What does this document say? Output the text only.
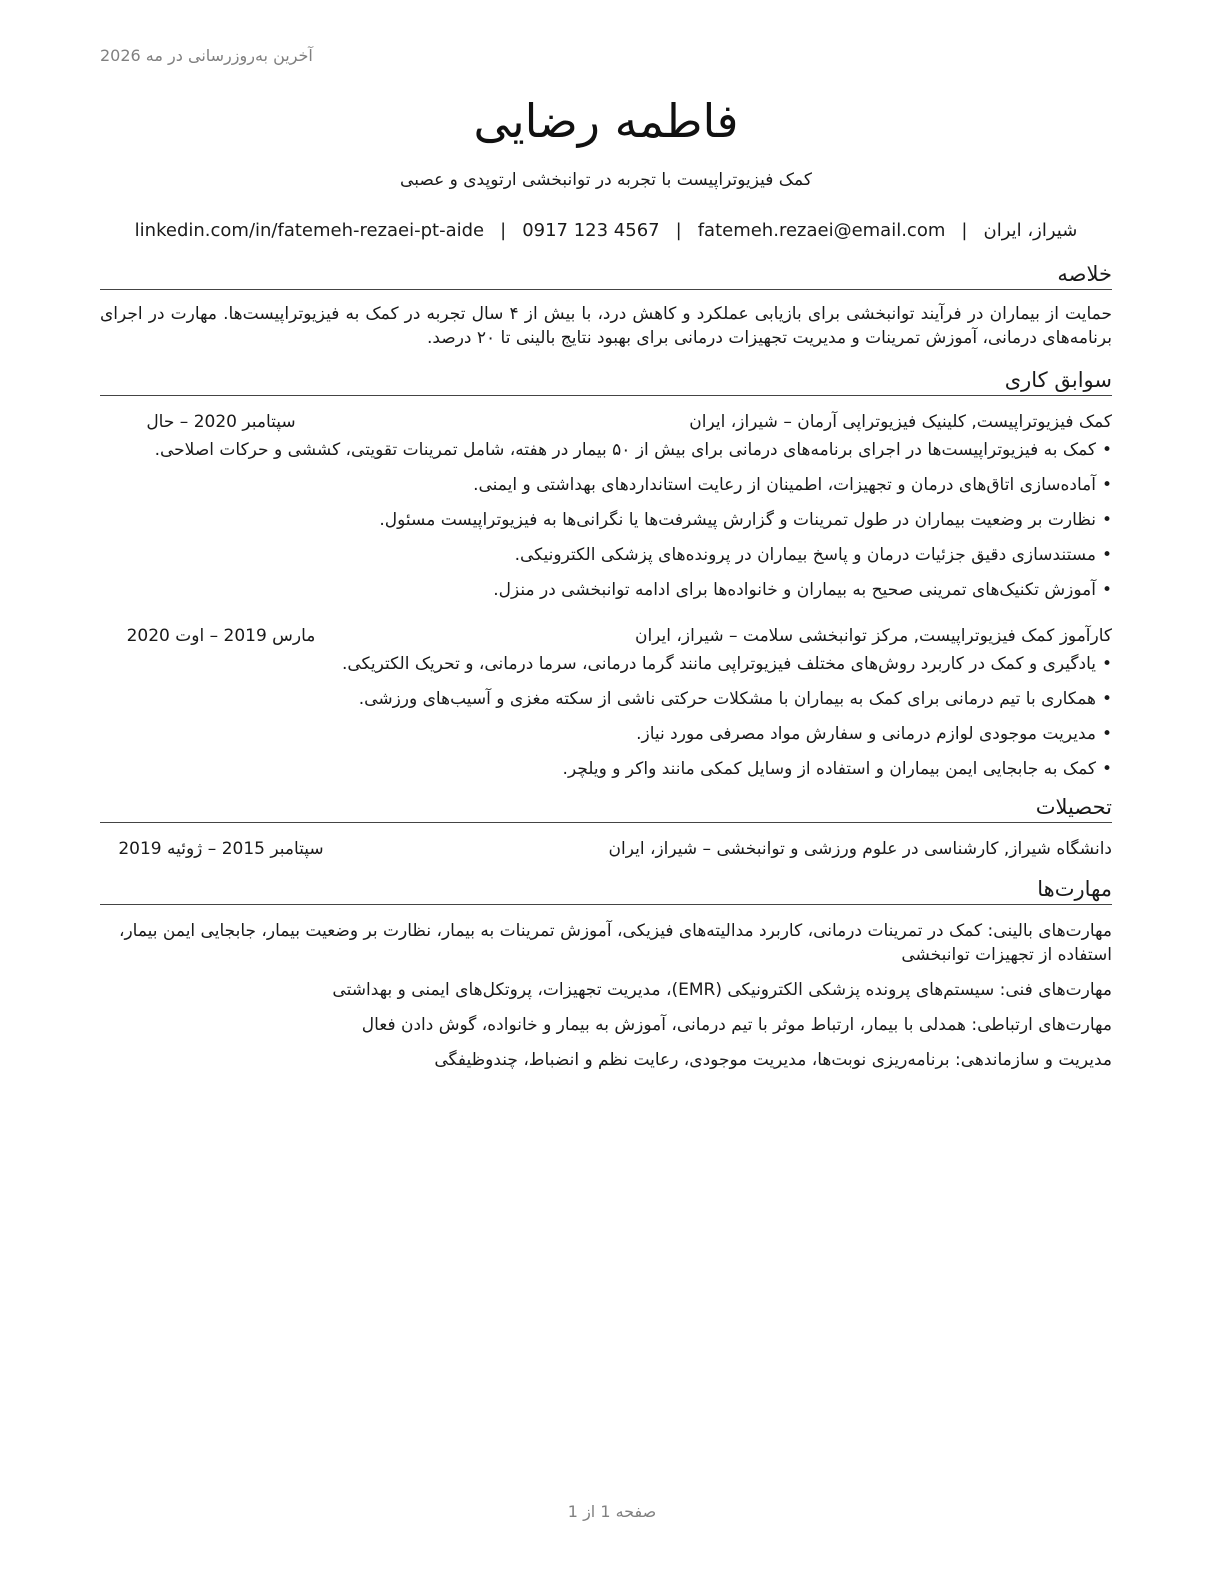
آخرین به‌روزرسانی در مه 2026
فاطمه رضایی
کمک فیزیوتراپیست با تجربه در توانبخشی ارتوپدی و عصبی
شیراز، ایران|fatemeh.rezaei@email.com|0917 123 4567|linkedin.com/in/fatemeh-rezaei-pt-aide
خلاصه
حمایت از بیماران در فرآیند توانبخشی برای بازیابی عملکرد و کاهش درد، با بیش از ۴ سال تجربه در کمک به فیزیوتراپیست‌ها. مهارت در اجرای برنامه‌های درمانی، آموزش تمرینات و مدیریت تجهیزات درمانی برای بهبود نتایج بالینی تا ۲۰ درصد.
سوابق کاری
کمک فیزیوتراپیست, کلینیک فیزیوتراپی آرمان – شیراز، ایران
سپتامبر 2020 – حال
• کمک به فیزیوتراپیست‌ها در اجرای برنامه‌های درمانی برای بیش از ۵۰ بیمار در هفته، شامل تمرینات تقویتی، کششی و حرکات اصلاحی.
• آماده‌سازی اتاق‌های درمان و تجهیزات، اطمینان از رعایت استانداردهای بهداشتی و ایمنی.
• نظارت بر وضعیت بیماران در طول تمرینات و گزارش پیشرفت‌ها یا نگرانی‌ها به فیزیوتراپیست مسئول.
• مستندسازی دقیق جزئیات درمان و پاسخ بیماران در پرونده‌های پزشکی الکترونیکی.
• آموزش تکنیک‌های تمرینی صحیح به بیماران و خانواده‌ها برای ادامه توانبخشی در منزل.
کارآموز کمک فیزیوتراپیست, مرکز توانبخشی سلامت – شیراز، ایران
مارس 2019 – اوت 2020
• یادگیری و کمک در کاربرد روش‌های مختلف فیزیوتراپی مانند گرما درمانی، سرما درمانی، و تحریک الکتریکی.
• همکاری با تیم درمانی برای کمک به بیماران با مشکلات حرکتی ناشی از سکته مغزی و آسیب‌های ورزشی.
• مدیریت موجودی لوازم درمانی و سفارش مواد مصرفی مورد نیاز.
• کمک به جابجایی ایمن بیماران و استفاده از وسایل کمکی مانند واکر و ویلچر.
تحصیلات
دانشگاه شیراز, کارشناسی در علوم ورزشی و توانبخشی – شیراز، ایران
سپتامبر 2015 – ژوئیه 2019
مهارت‌ها
مهارت‌های بالینی: کمک در تمرینات درمانی، کاربرد مدالیته‌های فیزیکی، آموزش تمرینات به بیمار، نظارت بر وضعیت بیمار، جابجایی ایمن بیمار، استفاده از تجهیزات توانبخشی
مهارت‌های فنی: سیستم‌های پرونده پزشکی الکترونیکی (EMR)، مدیریت تجهیزات، پروتکل‌های ایمنی و بهداشتی
مهارت‌های ارتباطی: همدلی با بیمار، ارتباط موثر با تیم درمانی، آموزش به بیمار و خانواده، گوش دادن فعال
مدیریت و سازماندهی: برنامه‌ریزی نوبت‌ها، مدیریت موجودی، رعایت نظم و انضباط، چندوظیفگی
صفحه 1 از 1
